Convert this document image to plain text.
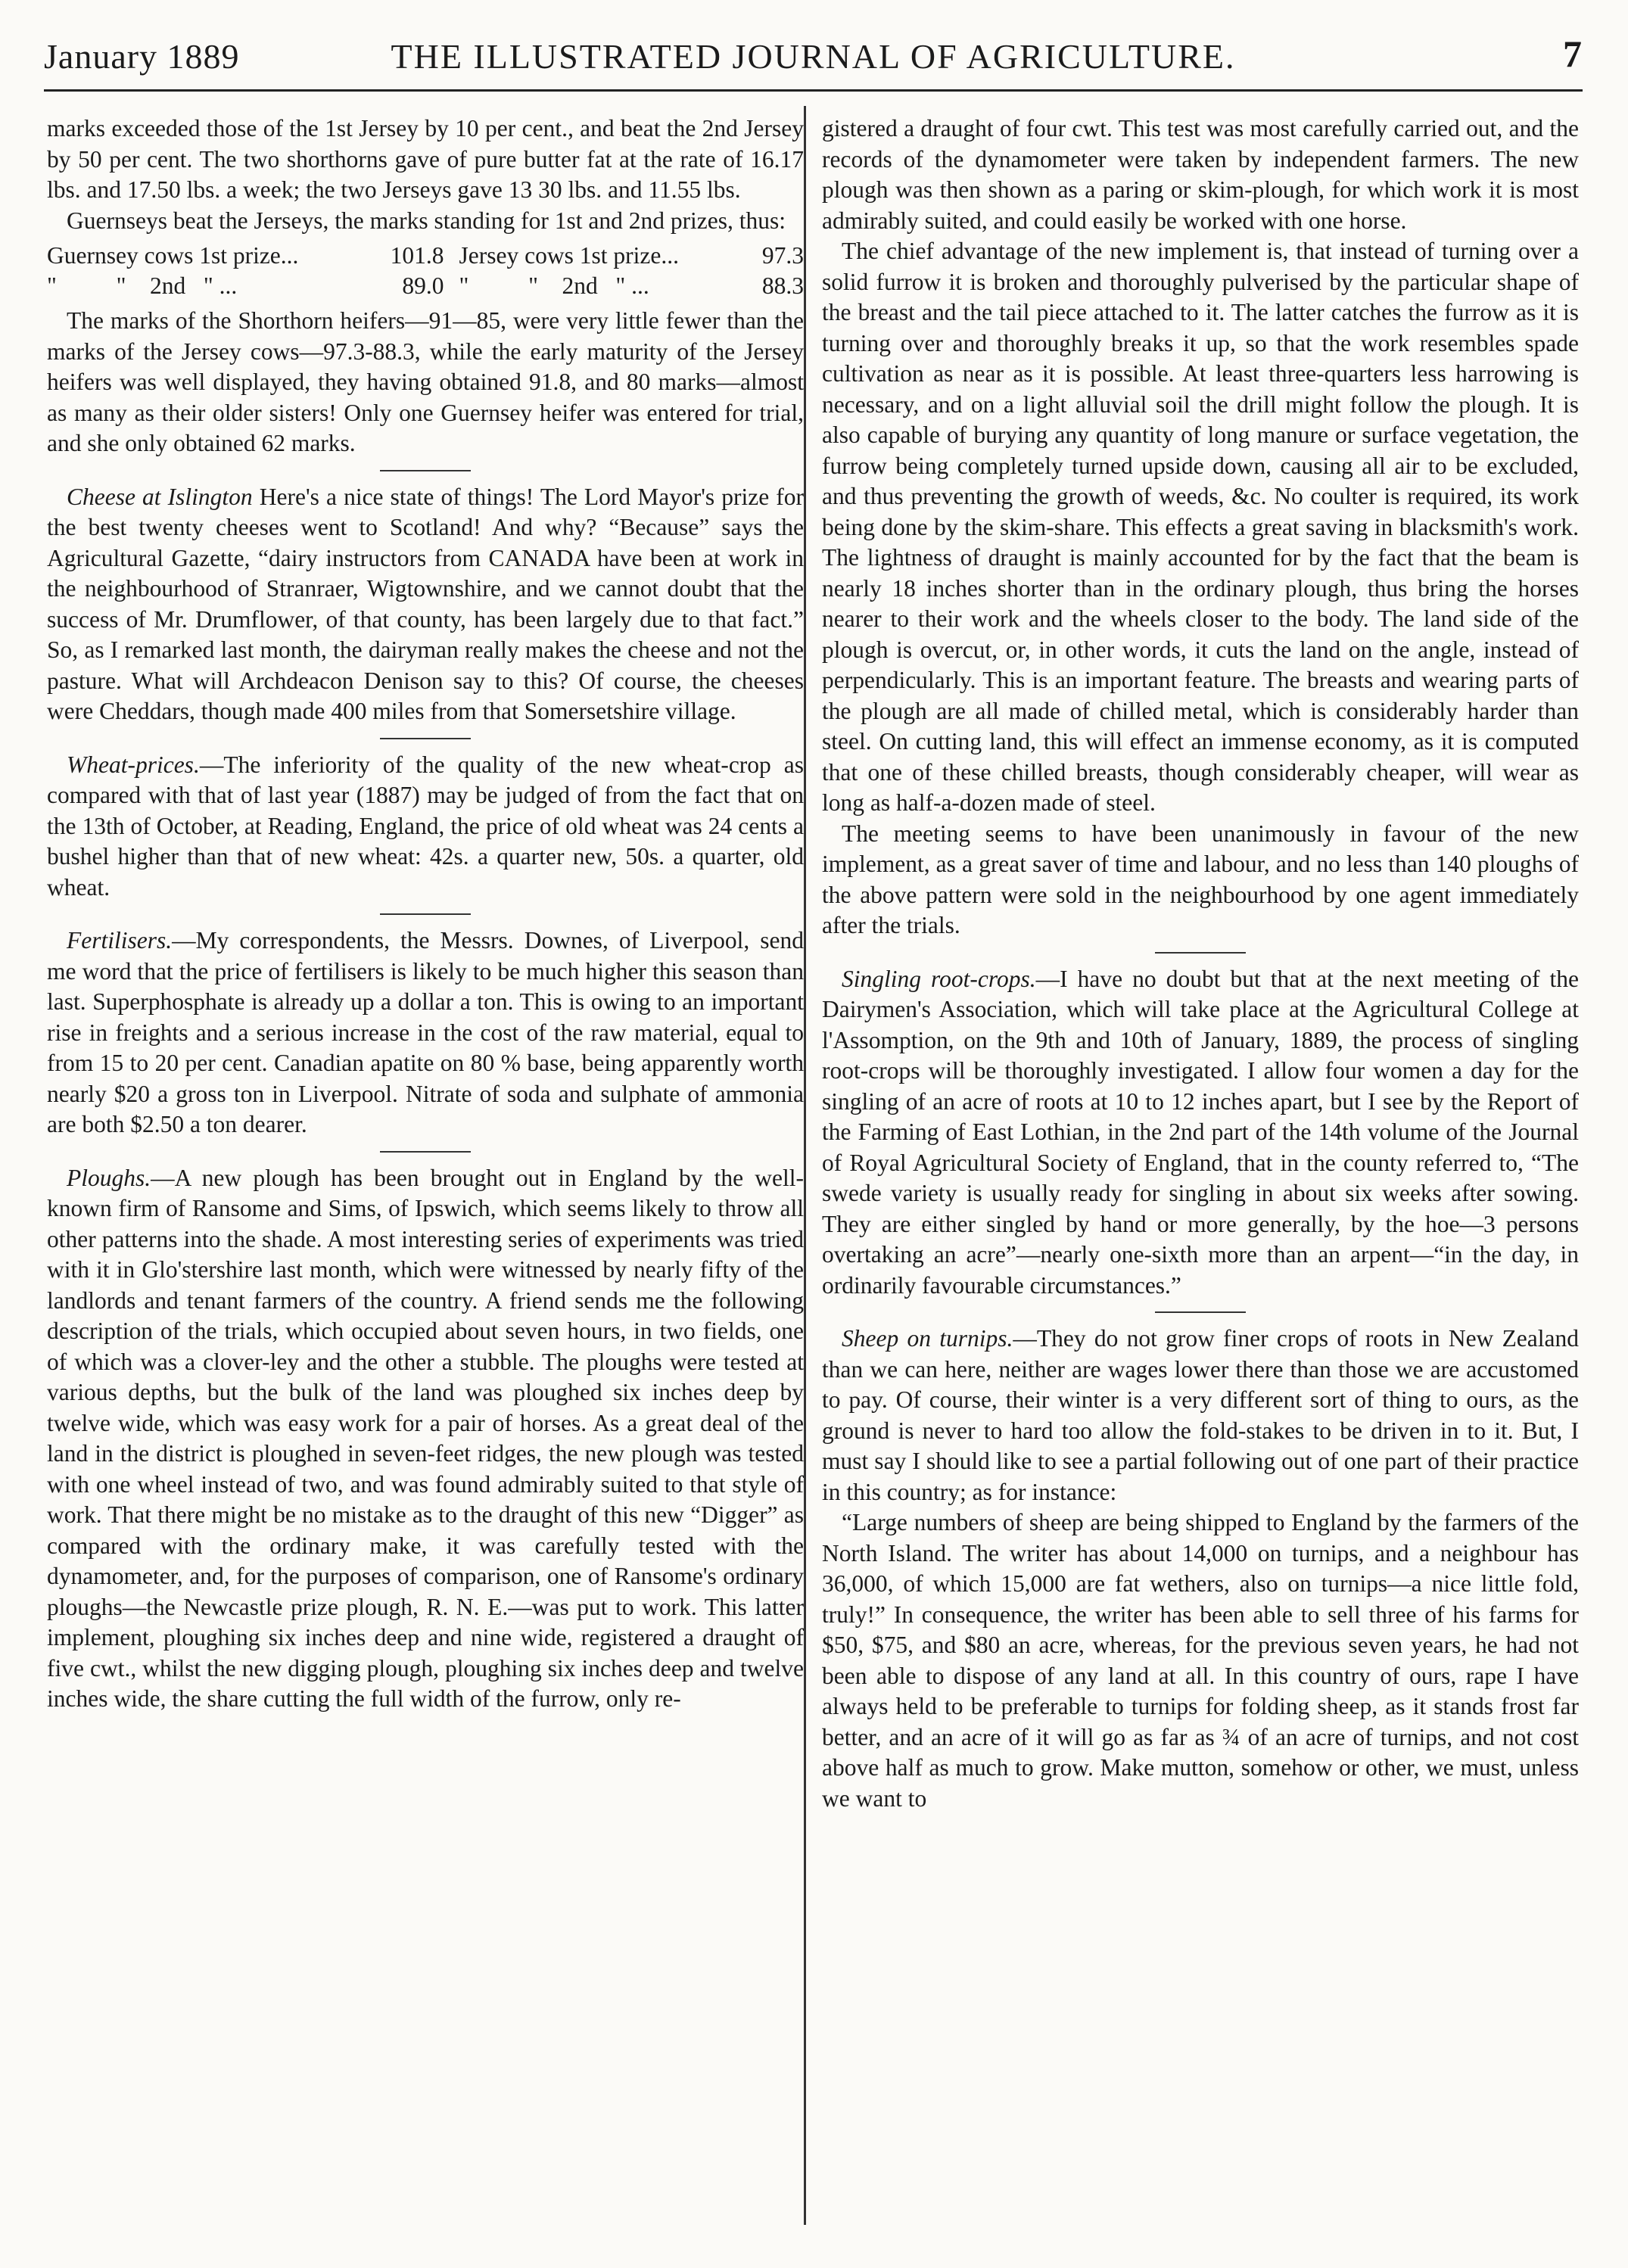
January 1889	THE ILLUSTRATED JOURNAL OF AGRICULTURE.	7

marks exceeded those of the 1st Jersey by 10 per cent., and beat the 2nd Jersey by 50 per cent. The two shorthorns gave of pure butter fat at the rate of 16.17 lbs. and 17.50 lbs. a week; the two Jerseys gave 13 30 lbs. and 11.55 lbs.

Guernseys beat the Jerseys, the marks standing for 1st and 2nd prizes, thus:

Guernsey cows 1st prize...	101.8	Jersey cows 1st prize...	97.3
"          "    2nd   " ...	89.0	"          "    2nd   " ...	88.3

The marks of the Shorthorn heifers—91—85, were very little fewer than the marks of the Jersey cows—97.3-88.3, while the early maturity of the Jersey heifers was well displayed, they having obtained 91.8, and 80 marks—almost as many as their older sisters! Only one Guernsey heifer was entered for trial, and she only obtained 62 marks.

Cheese at Islington Here's a nice state of things! The Lord Mayor's prize for the best twenty cheeses went to Scotland! And why? “Because” says the Agricultural Gazette, “dairy instructors from CANADA have been at work in the neighbourhood of Stranraer, Wigtownshire, and we cannot doubt that the success of Mr. Drumflower, of that county, has been largely due to that fact.” So, as I remarked last month, the dairyman really makes the cheese and not the pasture. What will Archdeacon Denison say to this? Of course, the cheeses were Cheddars, though made 400 miles from that Somersetshire village.

Wheat-prices.—The inferiority of the quality of the new wheat-crop as compared with that of last year (1887) may be judged of from the fact that on the 13th of October, at Reading, England, the price of old wheat was 24 cents a bushel higher than that of new wheat: 42s. a quarter new, 50s. a quarter, old wheat.

Fertilisers.—My correspondents, the Messrs. Downes, of Liverpool, send me word that the price of fertilisers is likely to be much higher this season than last. Superphosphate is already up a dollar a ton. This is owing to an important rise in freights and a serious increase in the cost of the raw material, equal to from 15 to 20 per cent. Canadian apatite on 80 % base, being apparently worth nearly $20 a gross ton in Liverpool. Nitrate of soda and sulphate of ammonia are both $2.50 a ton dearer.

Ploughs.—A new plough has been brought out in England by the well-known firm of Ransome and Sims, of Ipswich, which seems likely to throw all other patterns into the shade. A most interesting series of experiments was tried with it in Glo'stershire last month, which were witnessed by nearly fifty of the landlords and tenant farmers of the country. A friend sends me the following description of the trials, which occupied about seven hours, in two fields, one of which was a clover-ley and the other a stubble. The ploughs were tested at various depths, but the bulk of the land was ploughed six inches deep by twelve wide, which was easy work for a pair of horses. As a great deal of the land in the district is ploughed in seven-feet ridges, the new plough was tested with one wheel instead of two, and was found admirably suited to that style of work. That there might be no mistake as to the draught of this new “Digger” as compared with the ordinary make, it was carefully tested with the dynamometer, and, for the purposes of comparison, one of Ransome's ordinary ploughs—the Newcastle prize plough, R. N. E.—was put to work. This latter implement, ploughing six inches deep and nine wide, registered a draught of five cwt., whilst the new digging plough, ploughing six inches deep and twelve inches wide, the share cutting the full width of the furrow, only re-

gistered a draught of four cwt. This test was most carefully carried out, and the records of the dynamometer were taken by independent farmers. The new plough was then shown as a paring or skim-plough, for which work it is most admirably suited, and could easily be worked with one horse.

The chief advantage of the new implement is, that instead of turning over a solid furrow it is broken and thoroughly pulverised by the particular shape of the breast and the tail piece attached to it. The latter catches the furrow as it is turning over and thoroughly breaks it up, so that the work resembles spade cultivation as near as it is possible. At least three-quarters less harrowing is necessary, and on a light alluvial soil the drill might follow the plough. It is also capable of burying any quantity of long manure or surface vegetation, the furrow being completely turned upside down, causing all air to be excluded, and thus preventing the growth of weeds, &c. No coulter is required, its work being done by the skim-share. This effects a great saving in blacksmith's work. The lightness of draught is mainly accounted for by the fact that the beam is nearly 18 inches shorter than in the ordinary plough, thus bring the horses nearer to their work and the wheels closer to the body. The land side of the plough is overcut, or, in other words, it cuts the land on the angle, instead of perpendicularly. This is an important feature. The breasts and wearing parts of the plough are all made of chilled metal, which is considerably harder than steel. On cutting land, this will effect an immense economy, as it is computed that one of these chilled breasts, though considerably cheaper, will wear as long as half-a-dozen made of steel.

The meeting seems to have been unanimously in favour of the new implement, as a great saver of time and labour, and no less than 140 ploughs of the above pattern were sold in the neighbourhood by one agent immediately after the trials.

Singling root-crops.—I have no doubt but that at the next meeting of the Dairymen's Association, which will take place at the Agricultural College at l'Assomption, on the 9th and 10th of January, 1889, the process of singling root-crops will be thoroughly investigated. I allow four women a day for the singling of an acre of roots at 10 to 12 inches apart, but I see by the Report of the Farming of East Lothian, in the 2nd part of the 14th volume of the Journal of Royal Agricultural Society of England, that in the county referred to, “The swede variety is usually ready for singling in about six weeks after sowing. They are either singled by hand or more generally, by the hoe—3 persons overtaking an acre”—nearly one-sixth more than an arpent—“in the day, in ordinarily favourable circumstances.”

Sheep on turnips.—They do not grow finer crops of roots in New Zealand than we can here, neither are wages lower there than those we are accustomed to pay. Of course, their winter is a very different sort of thing to ours, as the ground is never to hard too allow the fold-stakes to be driven in to it. But, I must say I should like to see a partial following out of one part of their practice in this country; as for instance:

“Large numbers of sheep are being shipped to England by the farmers of the North Island. The writer has about 14,000 on turnips, and a neighbour has 36,000, of which 15,000 are fat wethers, also on turnips—a nice little fold, truly!” In consequence, the writer has been able to sell three of his farms for $50, $75, and $80 an acre, whereas, for the previous seven years, he had not been able to dispose of any land at all. In this country of ours, rape I have always held to be preferable to turnips for folding sheep, as it stands frost far better, and an acre of it will go as far as ¾ of an acre of turnips, and not cost above half as much to grow. Make mutton, somehow or other, we must, unless we want to
